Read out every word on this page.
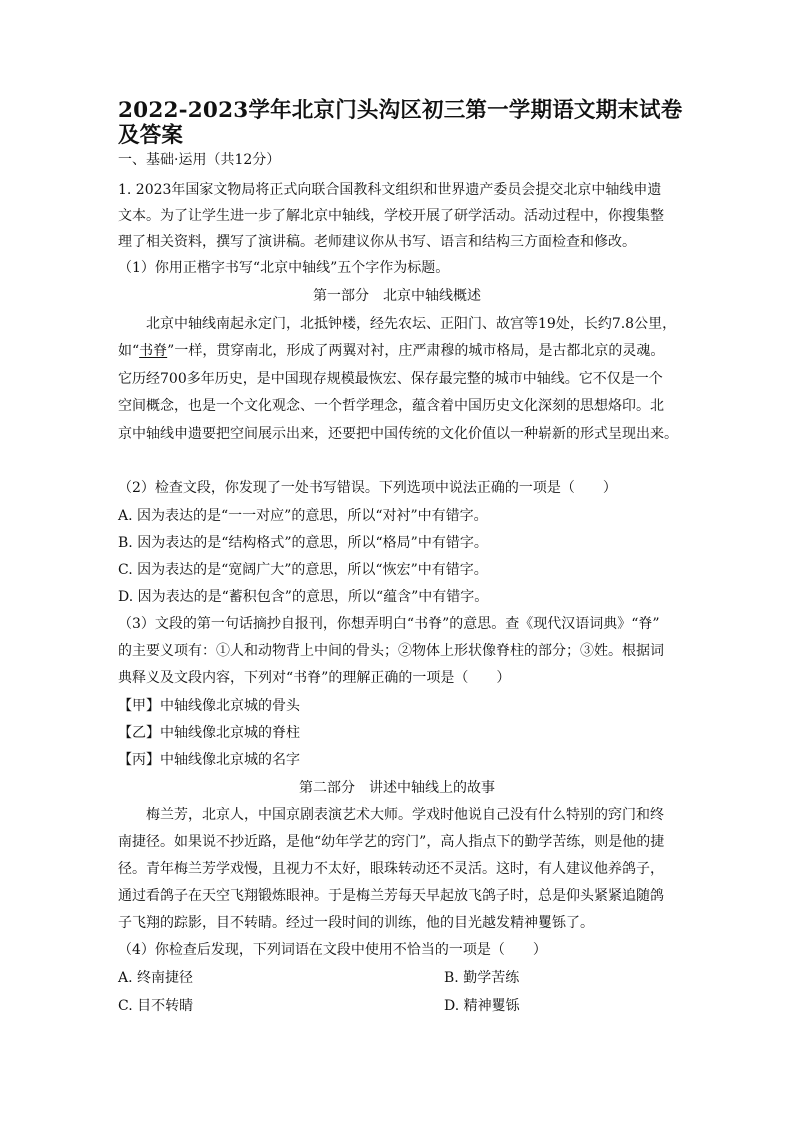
2022-2023学年北京门头沟区初三第一学期语文期末试卷及答案

一、基础·运用（共12分）

1. 2023年国家文物局将正式向联合国教科文组织和世界遗产委员会提交北京中轴线申遗

文本。为了让学生进一步了解北京中轴线，学校开展了研学活动。活动过程中，你搜集整

理了相关资料，撰写了演讲稿。老师建议你从书写、语言和结构三方面检查和修改。

（1）你用正楷字书写“北京中轴线”五个字作为标题。

第一部分　北京中轴线概述

北京中轴线南起永定门，北抵钟楼，经先农坛、正阳门、故宫等19处，长约7.8公里，

如“书脊”一样，贯穿南北，形成了两翼对衬，庄严肃穆的城市格局，是古都北京的灵魂。

它历经700多年历史，是中国现存规模最恢宏、保存最完整的城市中轴线。它不仅是一个

空间概念，也是一个文化观念、一个哲学理念，蕴含着中国历史文化深刻的思想烙印。北

京中轴线申遗要把空间展示出来，还要把中国传统的文化价值以一种崭新的形式呈现出来。

（2）检查文段，你发现了一处书写错误。下列选项中说法正确的一项是（　　）

A. 因为表达的是“一一对应”的意思，所以“对衬”中有错字。

B. 因为表达的是“结构格式”的意思，所以“格局”中有错字。

C. 因为表达的是“宽阔广大”的意思，所以“恢宏”中有错字。

D. 因为表达的是“蓄积包含”的意思，所以“蕴含”中有错字。

（3）文段的第一句话摘抄自报刊，你想弄明白“书脊”的意思。查《现代汉语词典》“脊”

的主要义项有：①人和动物背上中间的骨头；②物体上形状像脊柱的部分；③姓。根据词

典释义及文段内容，下列对“书脊”的理解正确的一项是（　　）

【甲】中轴线像北京城的骨头

【乙】中轴线像北京城的脊柱

【丙】中轴线像北京城的名字

第二部分　讲述中轴线上的故事

梅兰芳，北京人，中国京剧表演艺术大师。学戏时他说自己没有什么特别的窍门和终

南捷径。如果说不抄近路，是他“幼年学艺的窍门”，高人指点下的勤学苦练，则是他的捷

径。青年梅兰芳学戏慢，且视力不太好，眼珠转动还不灵活。这时，有人建议他养鸽子，

通过看鸽子在天空飞翔锻炼眼神。于是梅兰芳每天早起放飞鸽子时，总是仰头紧紧追随鸽

子飞翔的踪影，目不转睛。经过一段时间的训练，他的目光越发精神矍铄了。

（4）你检查后发现，下列词语在文段中使用不恰当的一项是（　　）

A. 终南捷径	B. 勤学苦练

C. 目不转睛	D. 精神矍铄
